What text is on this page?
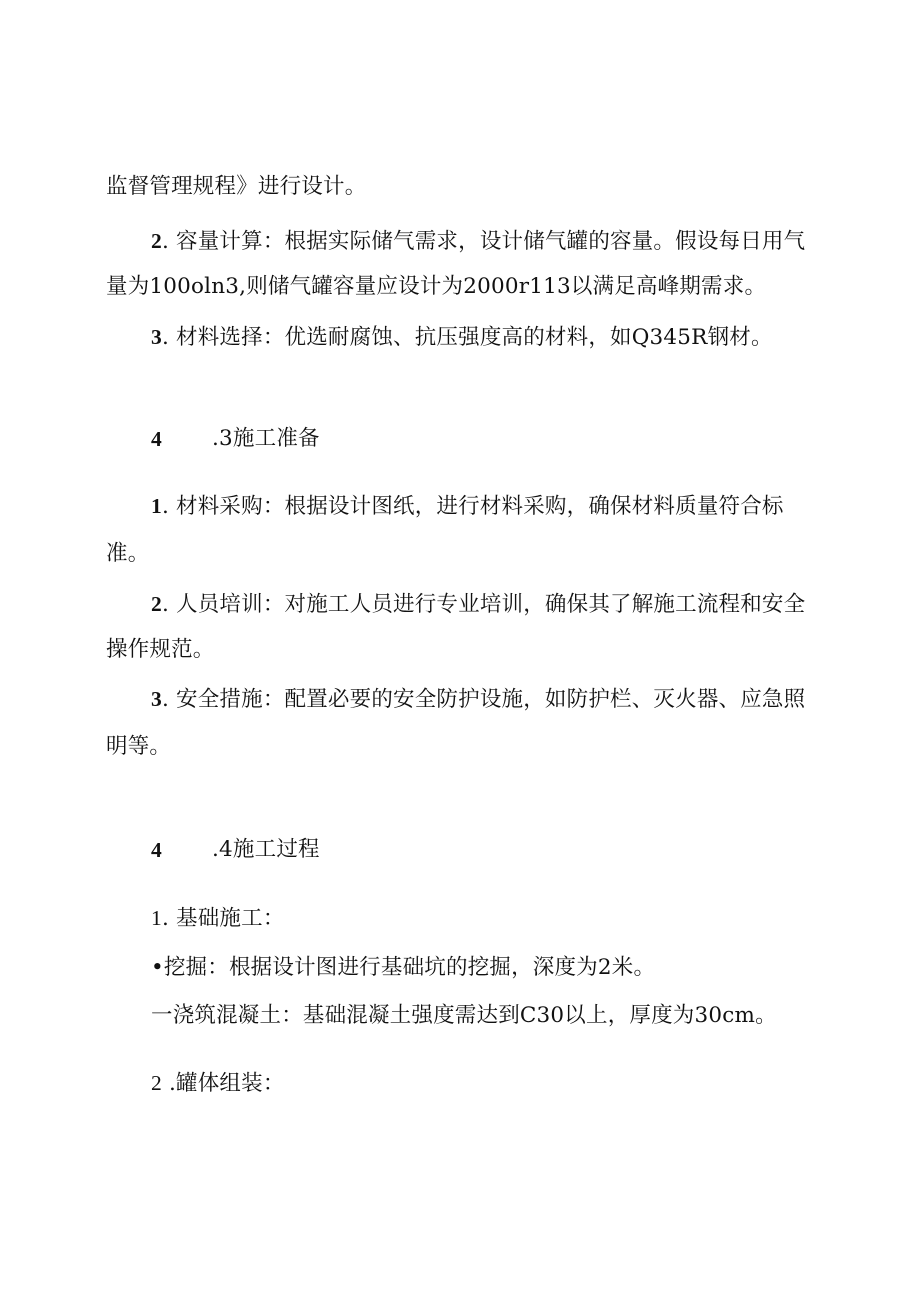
监督管理规程》进行设计。
2. 容量计算：根据实际储气需求，设计储气罐的容量。假设每日用气
量为100oln3,则储气罐容量应设计为2000r113以满足高峰期需求。
3. 材料选择：优选耐腐蚀、抗压强度高的材料，如Q345R钢材。
4 .3施工准备
1. 材料采购：根据设计图纸，进行材料采购，确保材料质量符合标
准。
2. 人员培训：对施工人员进行专业培训，确保其了解施工流程和安全
操作规范。
3. 安全措施：配置必要的安全防护设施，如防护栏、灭火器、应急照
明等。
4 .4施工过程
1. 基础施工：
•挖掘：根据设计图进行基础坑的挖掘，深度为2米。
一浇筑混凝土：基础混凝土强度需达到C30以上，厚度为30cm。
2 .罐体组装：
